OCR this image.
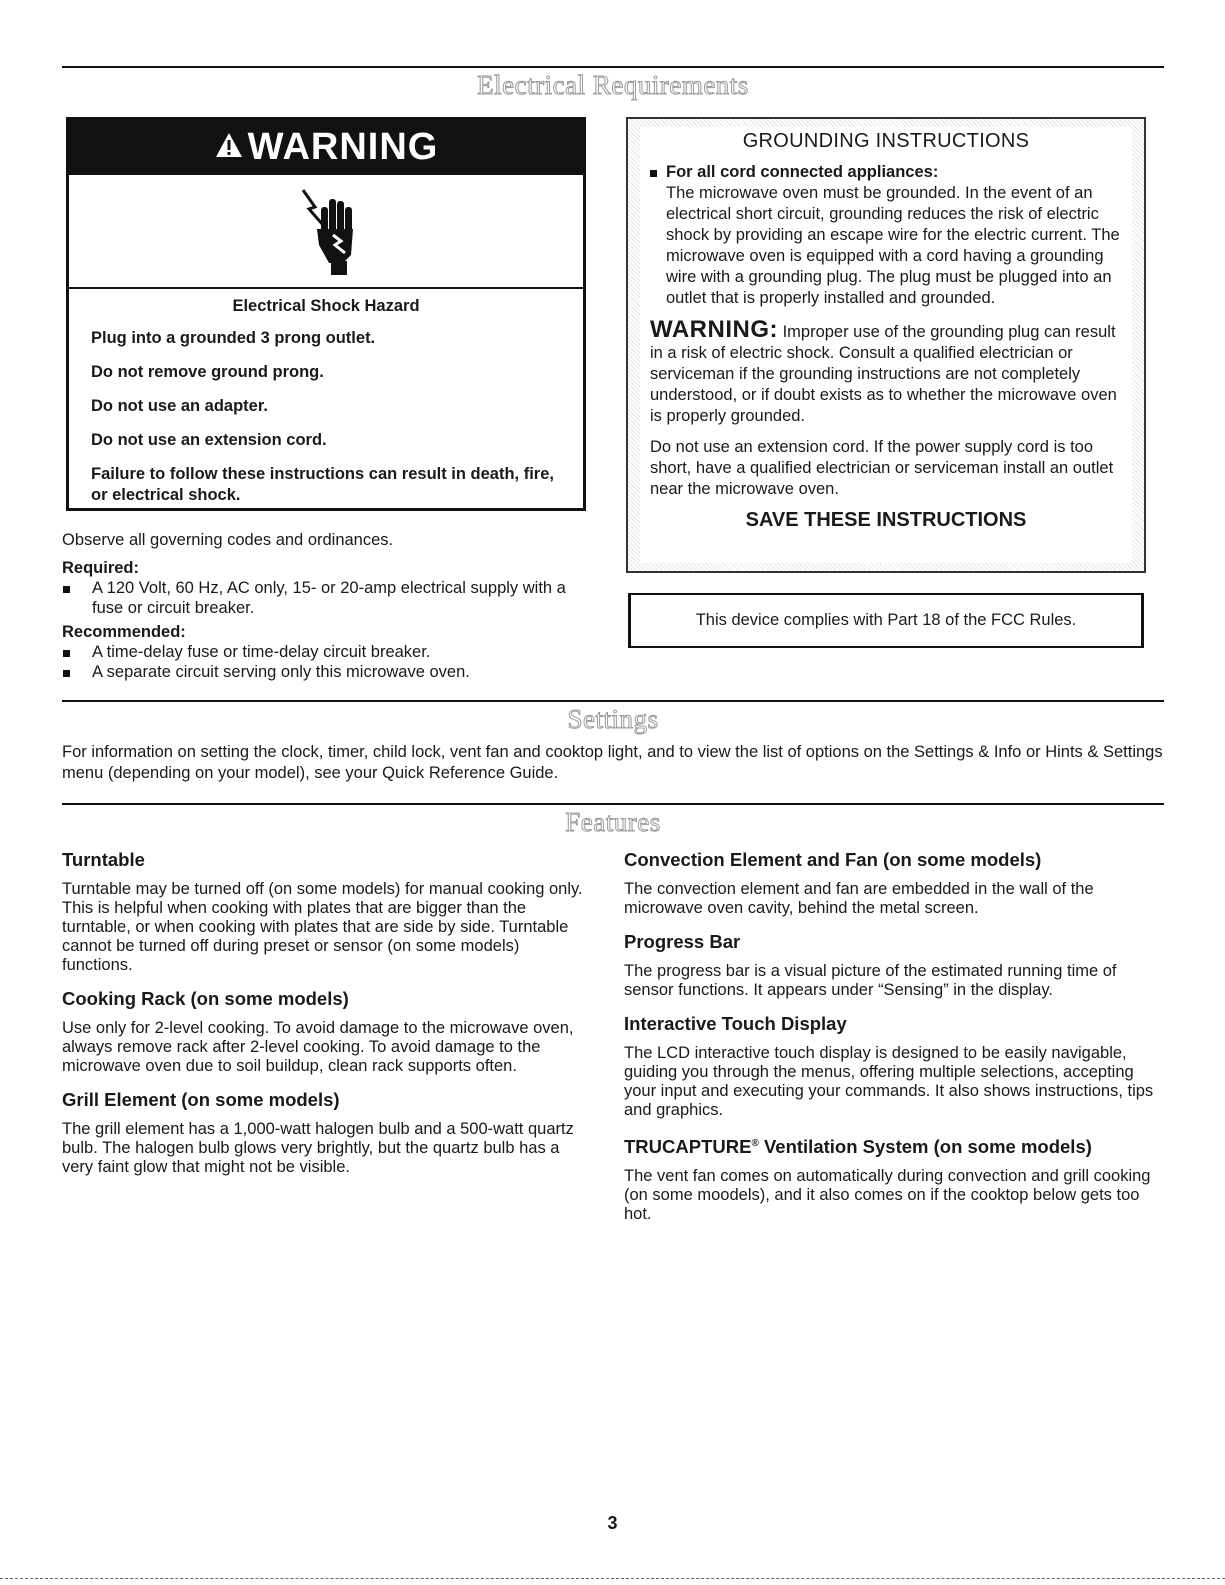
Electrical Requirements
WARNING
Electrical Shock Hazard

Plug into a grounded 3 prong outlet.

Do not remove ground prong.

Do not use an adapter.

Do not use an extension cord.

Failure to follow these instructions can result in death, fire, or electrical shock.

Observe all governing codes and ordinances.

Required:
A 120 Volt, 60 Hz, AC only, 15- or 20-amp electrical supply with a fuse or circuit breaker.
Recommended:
A time-delay fuse or time-delay circuit breaker.
A separate circuit serving only this microwave oven.
GROUNDING INSTRUCTIONS
For all cord connected appliances:
The microwave oven must be grounded. In the event of an electrical short circuit, grounding reduces the risk of electric shock by providing an escape wire for the electric current. The microwave oven is equipped with a cord having a grounding wire with a grounding plug. The plug must be plugged into an outlet that is properly installed and grounded.
WARNING: Improper use of the grounding plug can result in a risk of electric shock. Consult a qualified electrician or serviceman if the grounding instructions are not completely understood, or if doubt exists as to whether the microwave oven is properly grounded.
Do not use an extension cord. If the power supply cord is too short, have a qualified electrician or serviceman install an outlet near the microwave oven.
SAVE THESE INSTRUCTIONS
This device complies with Part 18 of the FCC Rules.
Settings
For information on setting the clock, timer, child lock, vent fan and cooktop light, and to view the list of options on the Settings & Info or Hints & Settings menu (depending on your model), see your Quick Reference Guide.
Features
Turntable

Turntable may be turned off (on some models) for manual cooking only. This is helpful when cooking with plates that are bigger than the turntable, or when cooking with plates that are side by side. Turntable cannot be turned off during preset or sensor (on some models) functions.

Cooking Rack (on some models)

Use only for 2-level cooking. To avoid damage to the microwave oven, always remove rack after 2-level cooking. To avoid damage to the microwave oven due to soil buildup, clean rack supports often.

Grill Element (on some models)

The grill element has a 1,000-watt halogen bulb and a 500-watt quartz bulb. The halogen bulb glows very brightly, but the quartz bulb has a very faint glow that might not be visible.

Convection Element and Fan (on some models)

The convection element and fan are embedded in the wall of the microwave oven cavity, behind the metal screen.

Progress Bar

The progress bar is a visual picture of the estimated running time of sensor functions. It appears under “Sensing” in the display.

Interactive Touch Display

The LCD interactive touch display is designed to be easily navigable, guiding you through the menus, offering multiple selections, accepting your input and executing your commands. It also shows instructions, tips and graphics.

TRUCAPTURE® Ventilation System (on some models)

The vent fan comes on automatically during convection and grill cooking (on some moodels), and it also comes on if the cooktop below gets too hot.

3
